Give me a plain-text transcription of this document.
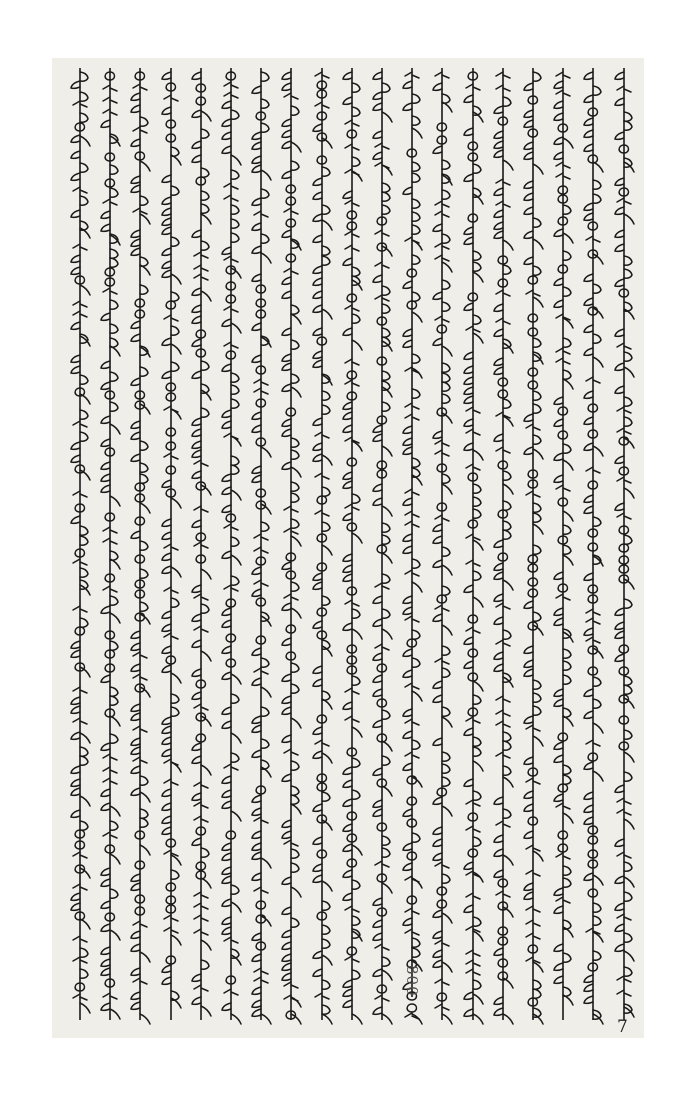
800
7
